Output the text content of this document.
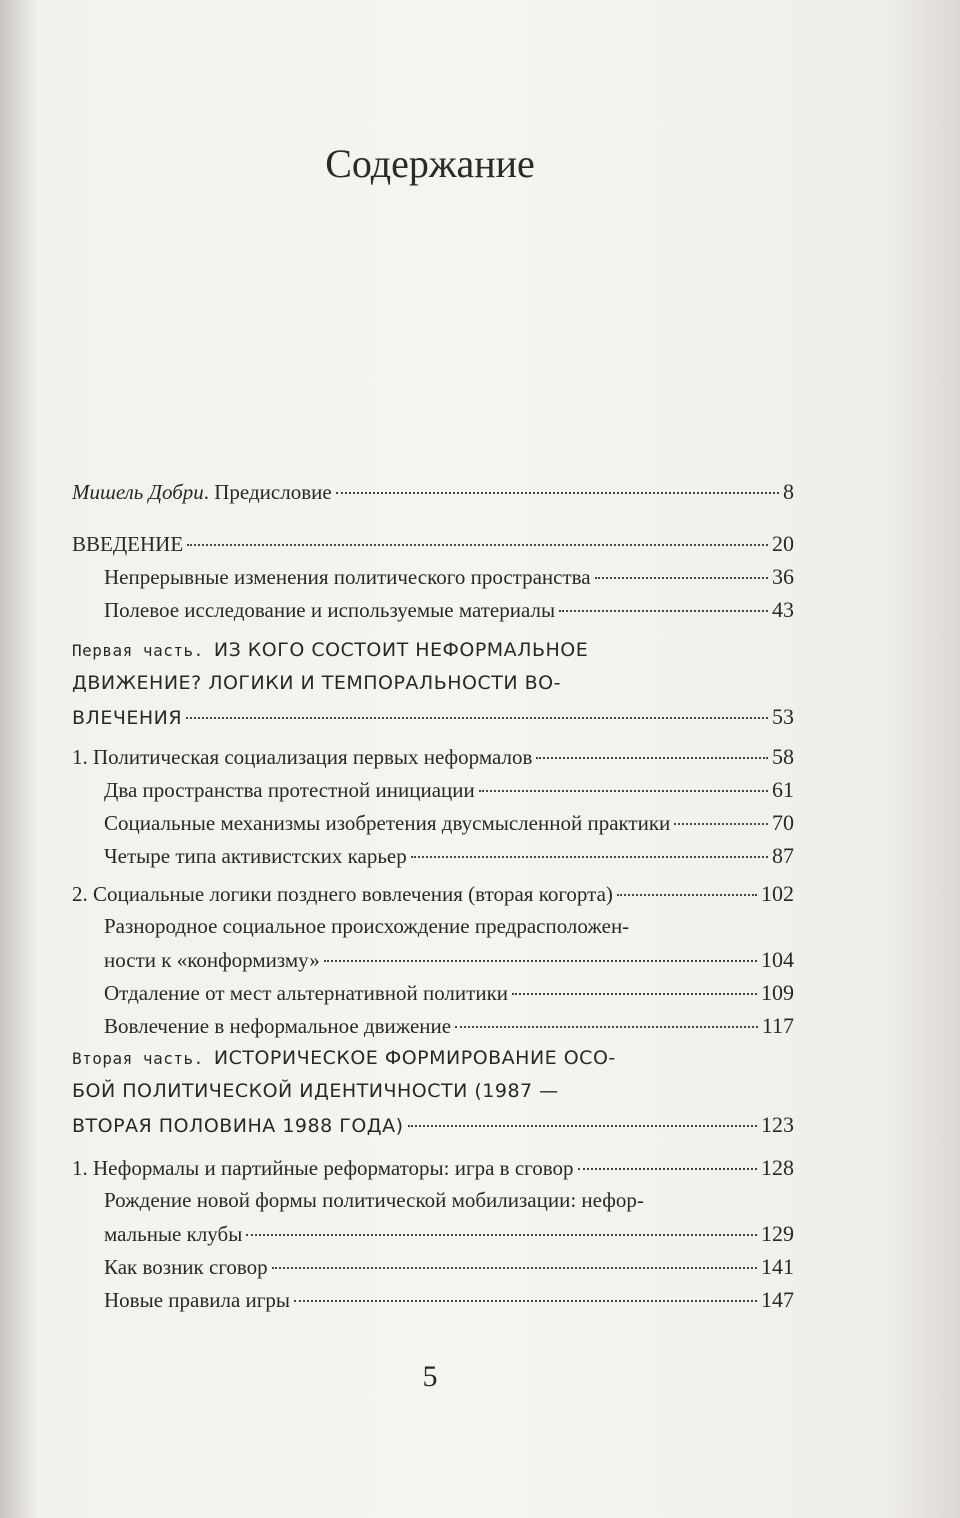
Содержание
Мишель Добри . Предисловие	8
ВВЕДЕНИЕ	20
Непрерывные изменения политического пространства	36
Полевое исследование и используемые материалы	43
Первая часть. ИЗ КОГО СОСТОИТ НЕФОРМАЛЬНОЕ
ДВИЖЕНИЕ? ЛОГИКИ И ТЕМПОРАЛЬНОСТИ ВО-
ВЛЕЧЕНИЯ	53
1. Политическая социализация первых неформалов	58
Два пространства протестной инициации	61
Социальные механизмы изобретения двусмысленной практики	70
Четыре типа активистских карьер	87
2. Социальные логики позднего вовлечения (вторая когорта)	102
Разнородное социальное происхождение предрасположен-
ности к «конформизму»	104
Отдаление от мест альтернативной политики	109
Вовлечение в неформальное движение	117
Вторая часть. ИСТОРИЧЕСКОЕ ФОРМИРОВАНИЕ ОСО-
БОЙ ПОЛИТИЧЕСКОЙ ИДЕНТИЧНОСТИ (1987 —
ВТОРАЯ ПОЛОВИНА 1988 ГОДА)	123
1. Неформалы и партийные реформаторы: игра в сговор	128
Рождение новой формы политической мобилизации: нефор-
мальные клубы	129
Как возник сговор	141
Новые правила игры	147
5
